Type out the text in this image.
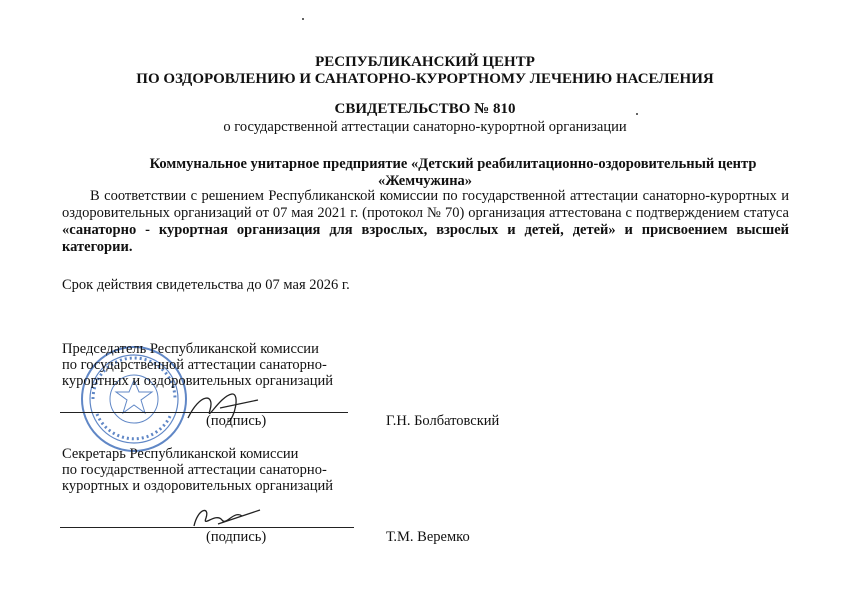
РЕСПУБЛИКАНСКИЙ ЦЕНТР
ПО ОЗДОРОВЛЕНИЮ И САНАТОРНО-КУРОРТНОМУ ЛЕЧЕНИЮ НАСЕЛЕНИЯ
СВИДЕТЕЛЬСТВО № 810
о государственной аттестации санаторно-курортной организации
Коммунальное унитарное предприятие «Детский реабилитационно-оздоровительный центр
«Жемчужина»

В соответствии с решением Республиканской комиссии по государственной аттестации санаторно-курортных и оздоровительных организаций от 07 мая 2021 г. (протокол № 70) организация аттестована с подтверждением статуса «санаторно - курортная организация для взрослых, взрослых и детей, детей» и присвоением высшей категории.

Срок действия свидетельства до 07 мая 2026 г.
Председатель Республиканской комиссии
по государственной аттестации санаторно-
курортных и оздоровительных организаций
(подпись)	Г.Н. Болбатовский
Секретарь Республиканской комиссии
по государственной аттестации санаторно-
курортных и оздоровительных организаций
(подпись)	Т.М. Веремко
